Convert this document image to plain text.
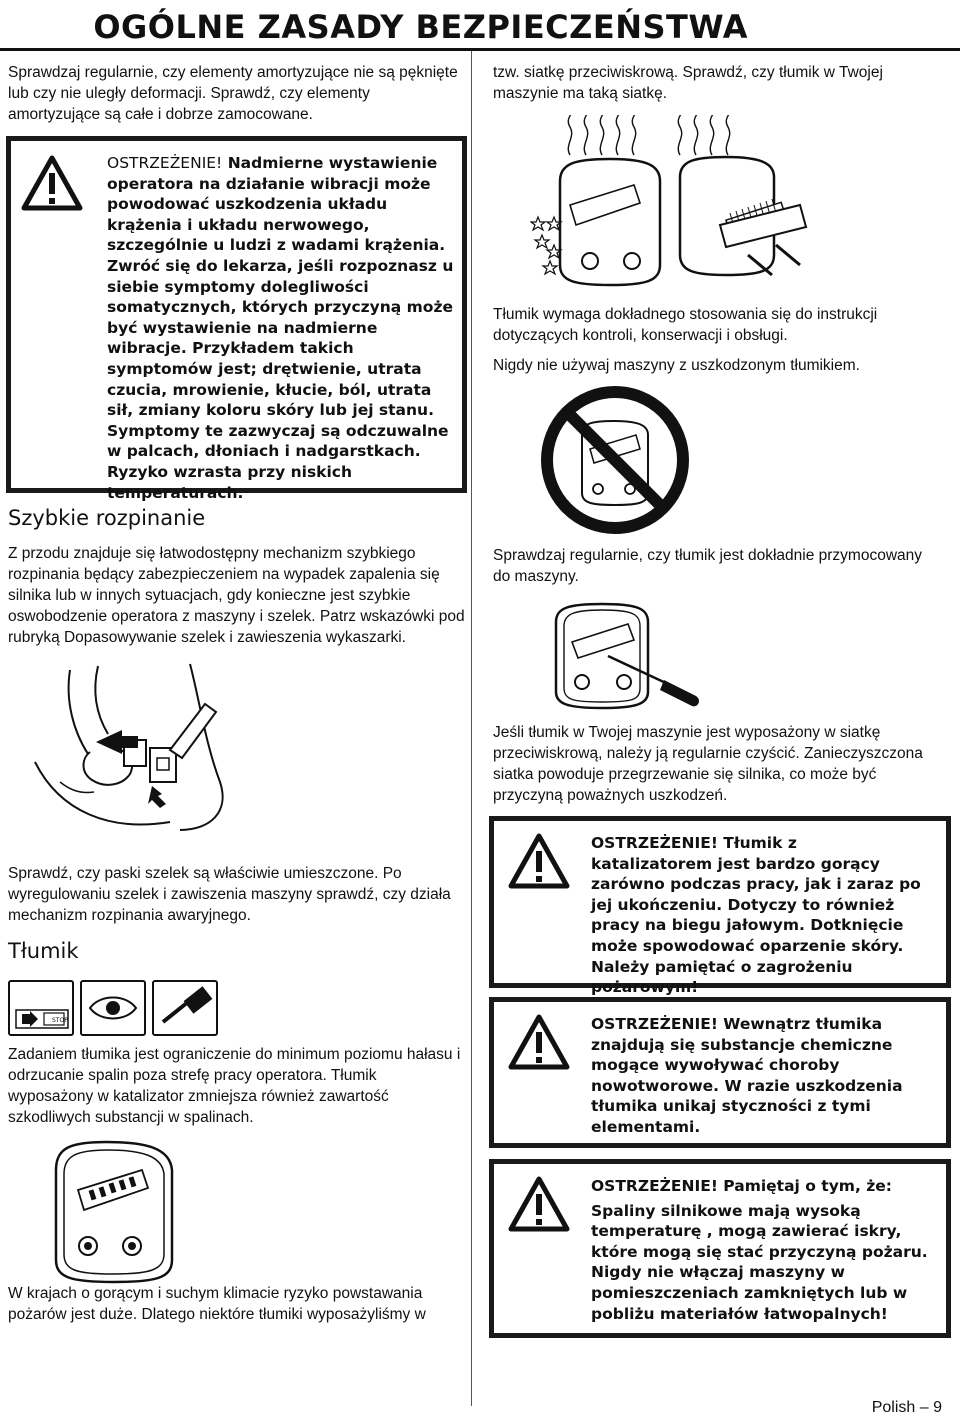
OGÓLNE ZASADY BEZPIECZEŃSTWA
Sprawdzaj regularnie, czy elementy amortyzujące nie są pęknięte lub czy nie uległy deformacji. Sprawdź, czy elementy amortyzujące są całe i dobrze zamocowane.
OSTRZEŻENIE! Nadmierne wystawienie operatora na działanie wibracji może powodować uszkodzenia układu krążenia i układu nerwowego, szczególnie u ludzi z wadami krążenia. Zwróć się do lekarza, jeśli rozpoznasz u siebie symptomy dolegliwości somatycznych, których przyczyną może być wystawienie na nadmierne wibracje. Przykładem takich symptomów jest; drętwienie, utrata czucia, mrowienie, kłucie, ból, utrata sił, zmiany koloru skóry lub jej stanu. Symptomy te zazwyczaj są odczuwalne w palcach, dłoniach i nadgarstkach. Ryzyko wzrasta przy niskich temperaturach.
Szybkie rozpinanie
Z przodu znajduje się łatwodostępny mechanizm szybkiego rozpinania będący zabezpieczeniem na wypadek zapalenia się silnika lub w innych sytuacjach, gdy konieczne jest szybkie oswobodzenie operatora z maszyny i szelek. Patrz wskazówki pod rubryką Dopasowywanie szelek i zawieszenia wykaszarki.
Sprawdź, czy paski szelek są właściwie umieszczone. Po wyregulowaniu szelek i zawiszenia maszyny sprawdź, czy działa mechanizm rozpinania awaryjnego.
Tłumik
STOP
Zadaniem tłumika jest ograniczenie do minimum poziomu hałasu i odrzucanie spalin poza strefę pracy operatora. Tłumik wyposażony w katalizator zmniejsza również zawartość szkodliwych substancji w spalinach.
W krajach o gorącym i suchym klimacie ryzyko powstawania pożarów jest duże. Dlatego niektóre tłumiki wyposażyliśmy w
tzw. siatkę przeciwiskrową. Sprawdź, czy tłumik w Twojej maszynie ma taką siatkę.
Tłumik wymaga dokładnego stosowania się do instrukcji dotyczących kontroli, konserwacji i obsługi.
Nigdy nie używaj maszyny z uszkodzonym tłumikiem.
Sprawdzaj regularnie, czy tłumik jest dokładnie przymocowany do maszyny.
Jeśli tłumik w Twojej maszynie jest wyposażony w siatkę przeciwiskrową, należy ją regularnie czyścić. Zanieczyszczona siatka powoduje przegrzewanie się silnika, co może być przyczyną poważnych uszkodzeń.
OSTRZEŻENIE! Tłumik z katalizatorem jest bardzo gorący zarówno podczas pracy, jak i zaraz po jej ukończeniu. Dotyczy to również pracy na biegu jałowym. Dotknięcie może spowodować oparzenie skóry. Należy pamiętać o zagrożeniu pożarowym!
OSTRZEŻENIE! Wewnątrz tłumika znajdują się substancje chemiczne mogące wywoływać choroby nowotworowe. W razie uszkodzenia tłumika unikaj styczności z tymi elementami.
OSTRZEŻENIE! Pamiętaj o tym, że:
Spaliny silnikowe mają wysoką temperaturę , mogą zawierać iskry, które mogą się stać przyczyną pożaru. Nigdy nie włączaj maszyny w pomieszczeniach zamkniętych lub w pobliżu materiałów łatwopalnych!
Polish – 9
